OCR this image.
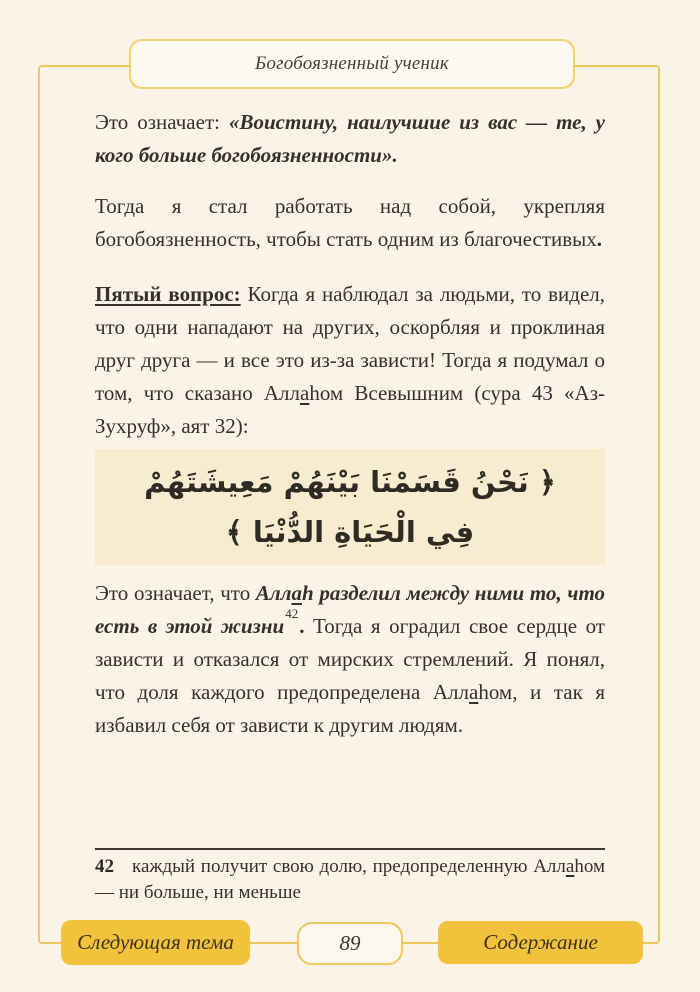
Богобоязненный ученик

Это означает: «Воистину, наилучшие из вас — те, у кого больше богобоязненности».

Тогда я стал работать над собой, укрепляя богобоязненность, чтобы стать одним из благочестивых.

Пятый вопрос: Когда я наблюдал за людьми, то видел, что одни нападают на других, оскорбляя и проклиная друг друга — и все это из-за зависти! Тогда я подумал о том, что сказано Аллаhом Всевышним (сура 43 «Аз-Зухруф», аят 32):

﴿ نَحْنُ قَسَمْنَا بَيْنَهُمْ مَعِيشَتَهُمْ
فِي الْحَيَاةِ الدُّنْيَا ﴾

Это означает, что Аллаh разделил между ними то, что есть в этой жизни$^{42}$. Тогда я оградил свое сердце от зависти и отказался от мирских стремлений. Я понял, что доля каждого предопределена Аллаhом, и так я избавил себя от зависти к другим людям.

42 каждый получит свою долю, предопределенную Аллаhом — ни больше, ни меньше

Следующая тема	89	Содержание
